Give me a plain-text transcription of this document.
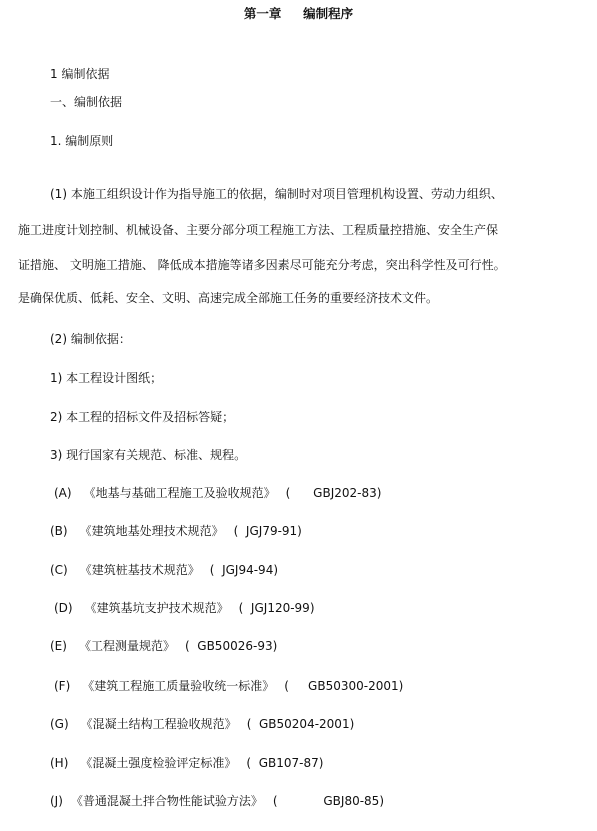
第一章     编制程序
1 编制依据
一、编制依据
1. 编制原则
(1) 本施工组织设计作为指导施工的依据，编制时对项目管理机构设置、劳动力组织、
施工进度计划控制、机械设备、主要分部分项工程施工方法、工程质量控措施、安全生产保
证措施、 文明施工措施、 降低成本措施等诸多因素尽可能充分考虑，突出科学性及可行性。
是确保优质、低耗、安全、文明、高速完成全部施工任务的重要经济技术文件。
(2) 编制依据：
1) 本工程设计图纸；
2) 本工程的招标文件及招标答疑；
3) 现行国家有关规范、标准、规程。
(A) 《地基与基础工程施工及验收规范》 (      GBJ202-83)
(B) 《建筑地基处理技术规范》 (  JGJ79-91)
(C) 《建筑桩基技术规范》 (  JGJ94-94)
(D) 《建筑基坑支护技术规范》 (  JGJ120-99)
(E) 《工程测量规范》 (  GB50026-93)
(F) 《建筑工程施工质量验收统一标准》 (     GB50300-2001)
(G) 《混凝土结构工程验收规范》 (  GB50204-2001)
(H) 《混凝土强度检验评定标准》 (  GB107-87)
(J) 《普通混凝土拌合物性能试验方法》 (            GBJ80-85)
